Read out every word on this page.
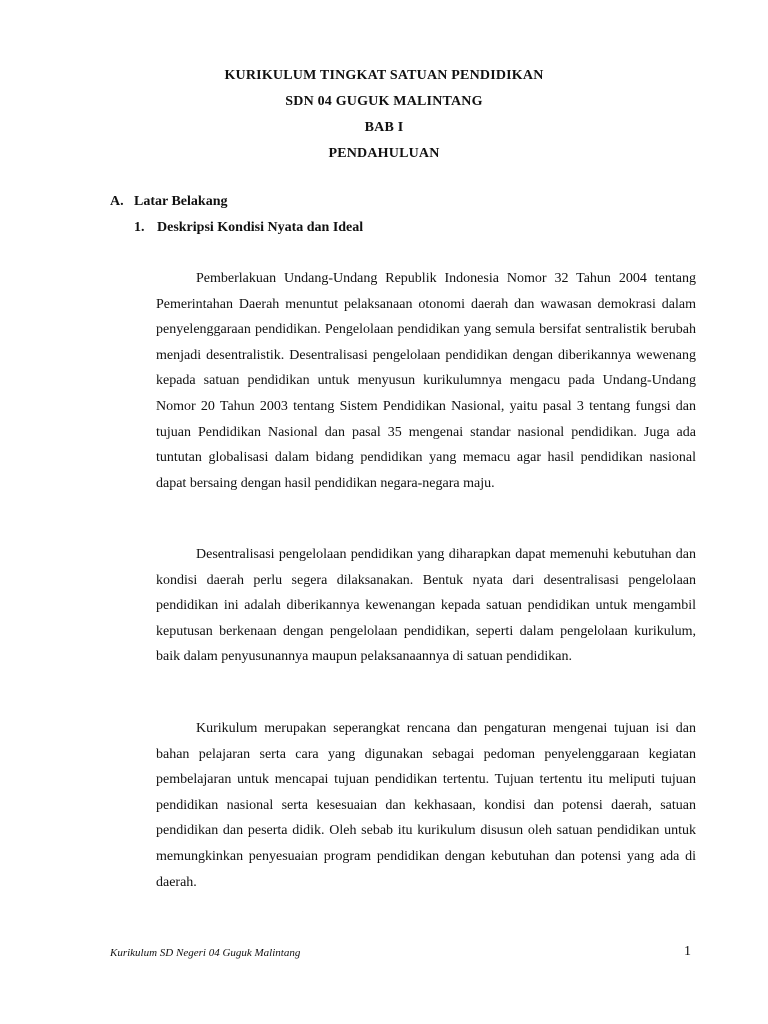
KURIKULUM TINGKAT SATUAN PENDIDIKAN
SDN 04 GUGUK MALINTANG
BAB I
PENDAHULUAN
A. Latar Belakang
1. Deskripsi Kondisi Nyata dan Ideal

Pemberlakuan Undang-Undang Republik Indonesia Nomor 32 Tahun 2004 tentang Pemerintahan Daerah menuntut pelaksanaan otonomi daerah dan wawasan demokrasi dalam penyelenggaraan pendidikan. Pengelolaan pendidikan yang semula bersifat sentralistik berubah menjadi desentralistik. Desentralisasi pengelolaan pendidikan dengan diberikannya wewenang kepada satuan pendidikan untuk menyusun kurikulumnya mengacu pada Undang-Undang Nomor 20 Tahun 2003 tentang Sistem Pendidikan Nasional, yaitu pasal 3 tentang fungsi dan tujuan Pendidikan Nasional dan pasal 35 mengenai standar nasional pendidikan. Juga ada tuntutan globalisasi dalam bidang pendidikan yang memacu agar hasil pendidikan nasional dapat bersaing dengan hasil pendidikan negara-negara maju.

Desentralisasi pengelolaan pendidikan yang diharapkan dapat memenuhi kebutuhan dan kondisi daerah perlu segera dilaksanakan. Bentuk nyata dari desentralisasi pengelolaan pendidikan ini adalah diberikannya kewenangan kepada satuan pendidikan untuk mengambil keputusan berkenaan dengan pengelolaan pendidikan, seperti dalam pengelolaan kurikulum, baik dalam penyusunannya maupun pelaksanaannya di satuan pendidikan.

Kurikulum merupakan seperangkat rencana dan pengaturan mengenai tujuan isi dan bahan pelajaran serta cara yang digunakan sebagai pedoman penyelenggaraan kegiatan pembelajaran untuk mencapai tujuan pendidikan tertentu. Tujuan tertentu itu meliputi tujuan pendidikan nasional serta kesesuaian dan kekhasaan, kondisi dan potensi daerah, satuan pendidikan dan peserta didik. Oleh sebab itu kurikulum disusun oleh satuan pendidikan untuk memungkinkan penyesuaian program pendidikan dengan kebutuhan dan potensi yang ada di daerah.

Kurikulum SD Negeri 04 Guguk Malintang	1
